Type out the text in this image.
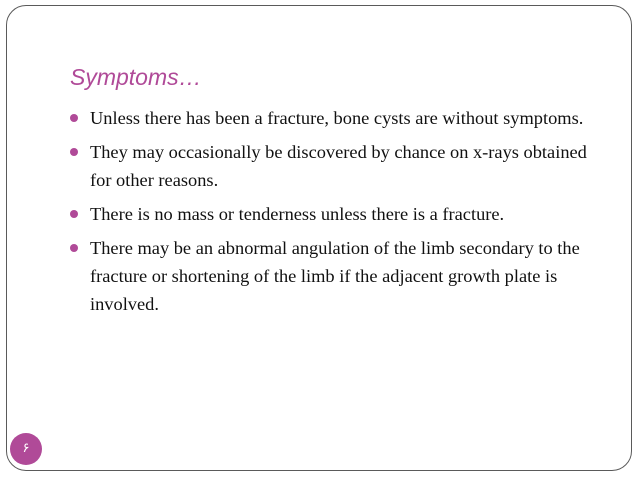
Symptoms…
Unless there has been a fracture, bone cysts are without symptoms.
They may occasionally be discovered by chance on x-rays obtained for other reasons.
There is no mass or tenderness unless there is a fracture.
There may be an abnormal angulation of the limb secondary to the fracture or shortening of the limb if the adjacent growth plate is involved.
۶
